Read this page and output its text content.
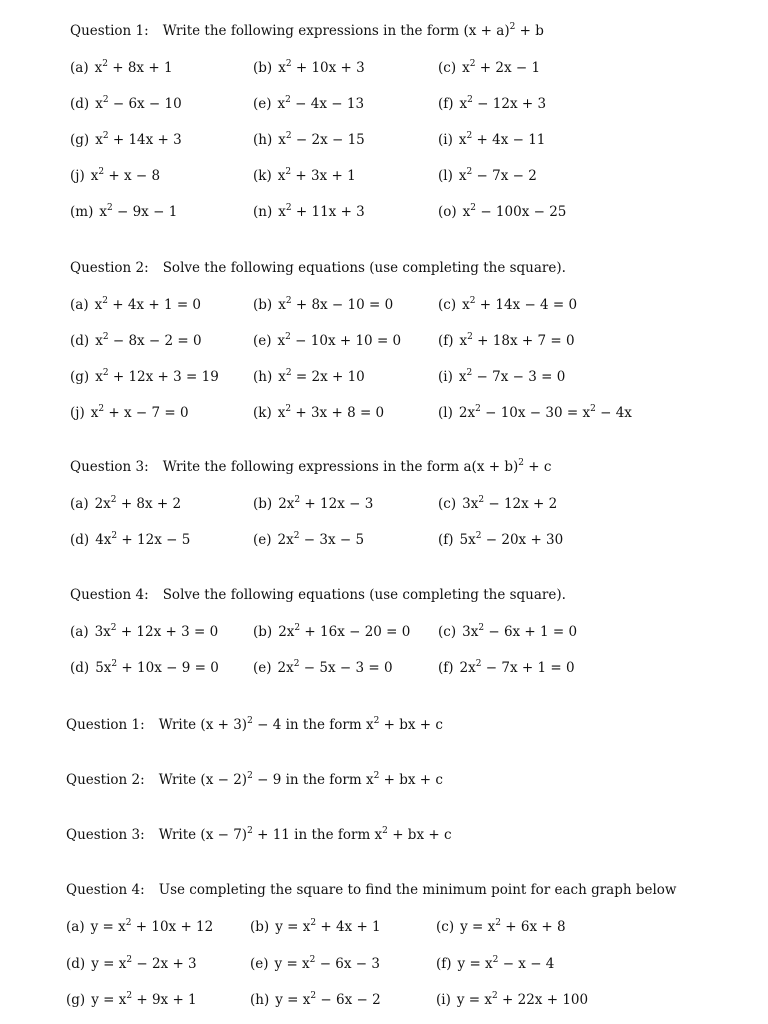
Question 1: Write the following expressions in the form $(x + a)^2 + b$
(a) $x^2 + 8x + 1$	(b) $x^2 + 10x + 3$	(c) $x^2 + 2x - 1$
(d) $x^2 - 6x - 10$	(e) $x^2 - 4x - 13$	(f) $x^2 - 12x + 3$
(g) $x^2 + 14x + 3$	(h) $x^2 - 2x - 15$	(i) $x^2 + 4x - 11$
(j) $x^2 + x - 8$	(k) $x^2 + 3x + 1$	(l) $x^2 - 7x - 2$
(m) $x^2 - 9x - 1$	(n) $x^2 + 11x + 3$	(o) $x^2 - 100x - 25$
Question 2: Solve the following equations (use completing the square).
(a) $x^2 + 4x + 1 = 0$	(b) $x^2 + 8x - 10 = 0$	(c) $x^2 + 14x - 4 = 0$
(d) $x^2 - 8x - 2 = 0$	(e) $x^2 - 10x + 10 = 0$	(f) $x^2 + 18x + 7 = 0$
(g) $x^2 + 12x + 3 = 19$	(h) $x^2 = 2x + 10$	(i) $x^2 - 7x - 3 = 0$
(j) $x^2 + x - 7 = 0$	(k) $x^2 + 3x + 8 = 0$	(l) $2x^2 - 10x - 30 = x^2 - 4x$
Question 3: Write the following expressions in the form $a(x + b)^2 + c$
(a) $2x^2 + 8x + 2$	(b) $2x^2 + 12x - 3$	(c) $3x^2 - 12x + 2$
(d) $4x^2 + 12x - 5$	(e) $2x^2 - 3x - 5$	(f) $5x^2 - 20x + 30$
Question 4: Solve the following equations (use completing the square).
(a) $3x^2 + 12x + 3 = 0$	(b) $2x^2 + 16x - 20 = 0$ (c) $3x^2 - 6x + 1 = 0$
(d) $5x^2 + 10x - 9 = 0$	(e) $2x^2 - 5x - 3 = 0$	(f) $2x^2 - 7x + 1 = 0$
Question 1: Write $(x + 3)^2 - 4$ in the form $x^2$ + bx + c
Question 2: Write $(x - 2)^2 - 9$ in the form $x^2$ + bx + c
Question 3: Write $(x - 7)^2 + 11$ in the form $x^2$ + bx + c
Question 4: Use completing the square to find the minimum point for each graph below
(a) $y = x^2 + 10x + 12$	(b) $y = x^2 + 4x + 1$	(c) $y = x^2 + 6x + 8$
(d) $y = x^2 - 2x + 3$	(e) $y = x^2 - 6x - 3$	(f) $y = x^2 - x - 4$
(g) $y = x^2 + 9x + 1$	(h) $y = x^2 - 6x - 2$	(i) $y = x^2 + 22x + 100$
